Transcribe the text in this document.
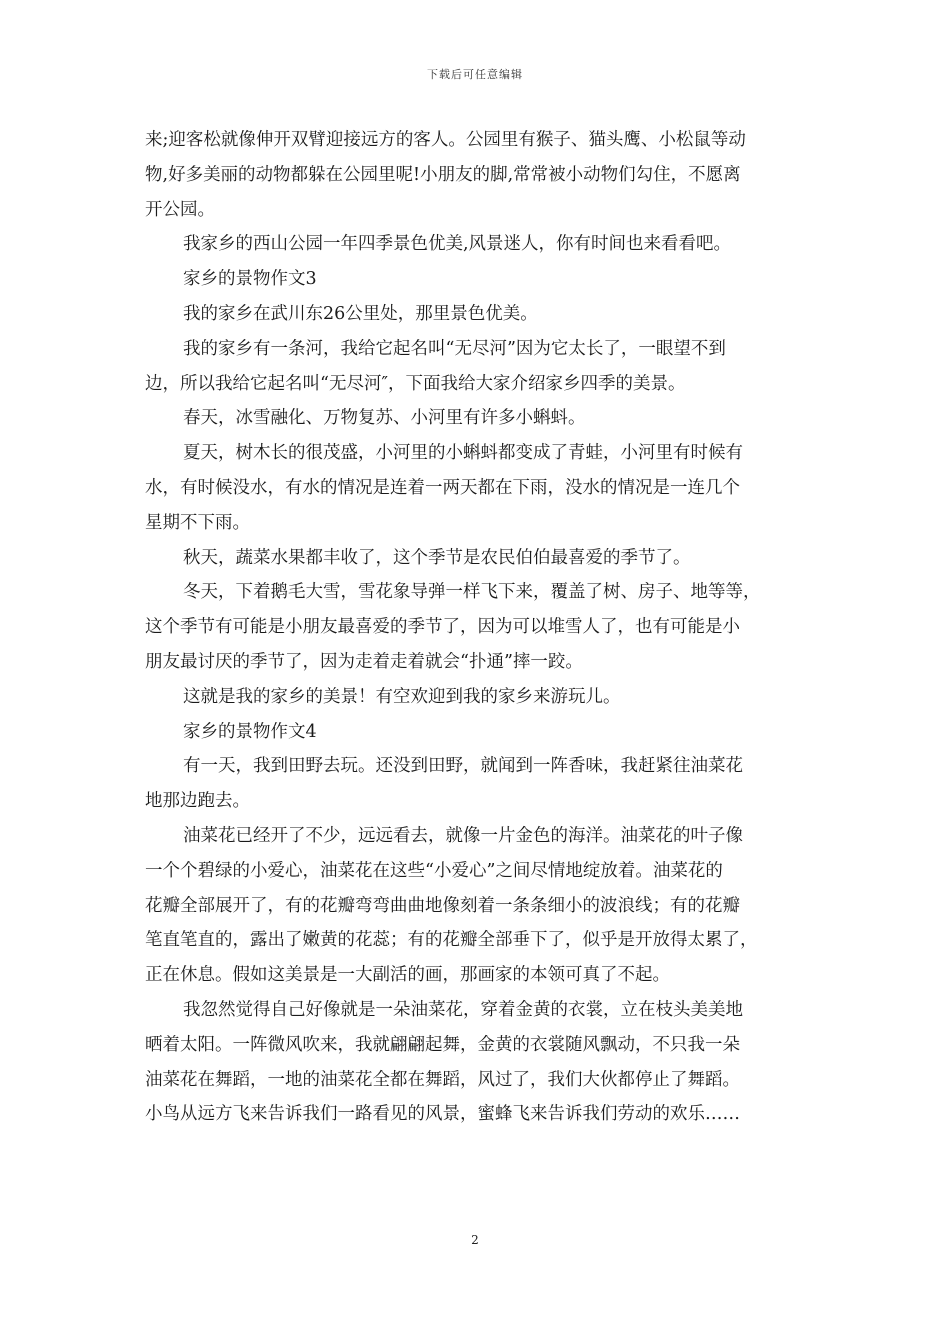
下载后可任意编辑
来;迎客松就像伸开双臂迎接远方的客人。公园里有猴子、猫头鹰、小松鼠等动
物,好多美丽的动物都躲在公园里呢!小朋友的脚,常常被小动物们勾住，不愿离
开公园。
我家乡的西山公园一年四季景色优美,风景迷人，你有时间也来看看吧。
家乡的景物作文3
我的家乡在武川东26公里处，那里景色优美。
我的家乡有一条河，我给它起名叫“无尽河”因为它太长了，一眼望不到
边，所以我给它起名叫“无尽河″，下面我给大家介绍家乡四季的美景。
春天，冰雪融化、万物复苏、小河里有许多小蝌蚪。
夏天，树木长的很茂盛，小河里的小蝌蚪都变成了青蛙，小河里有时候有
水，有时候没水，有水的情况是连着一两天都在下雨，没水的情况是一连几个
星期不下雨。
秋天，蔬菜水果都丰收了，这个季节是农民伯伯最喜爱的季节了。
冬天，下着鹅毛大雪，雪花象导弹一样飞下来，覆盖了树、房子、地等等，
这个季节有可能是小朋友最喜爱的季节了，因为可以堆雪人了，也有可能是小
朋友最讨厌的季节了，因为走着走着就会“扑通”摔一跤。
这就是我的家乡的美景！有空欢迎到我的家乡来游玩儿。
家乡的景物作文4
有一天，我到田野去玩。还没到田野，就闻到一阵香味，我赶紧往油菜花
地那边跑去。
油菜花已经开了不少，远远看去，就像一片金色的海洋。油菜花的叶子像
一个个碧绿的小爱心，油菜花在这些“小爱心”之间尽情地绽放着。油菜花的
花瓣全部展开了，有的花瓣弯弯曲曲地像刻着一条条细小的波浪线；有的花瓣
笔直笔直的，露出了嫩黄的花蕊；有的花瓣全部垂下了，似乎是开放得太累了，
正在休息。假如这美景是一大副活的画，那画家的本领可真了不起。
我忽然觉得自己好像就是一朵油菜花，穿着金黄的衣裳，立在枝头美美地
晒着太阳。一阵微风吹来，我就翩翩起舞，金黄的衣裳随风飘动，不只我一朵
油菜花在舞蹈，一地的油菜花全都在舞蹈，风过了，我们大伙都停止了舞蹈。
小鸟从远方飞来告诉我们一路看见的风景，蜜蜂飞来告诉我们劳动的欢乐……
2
